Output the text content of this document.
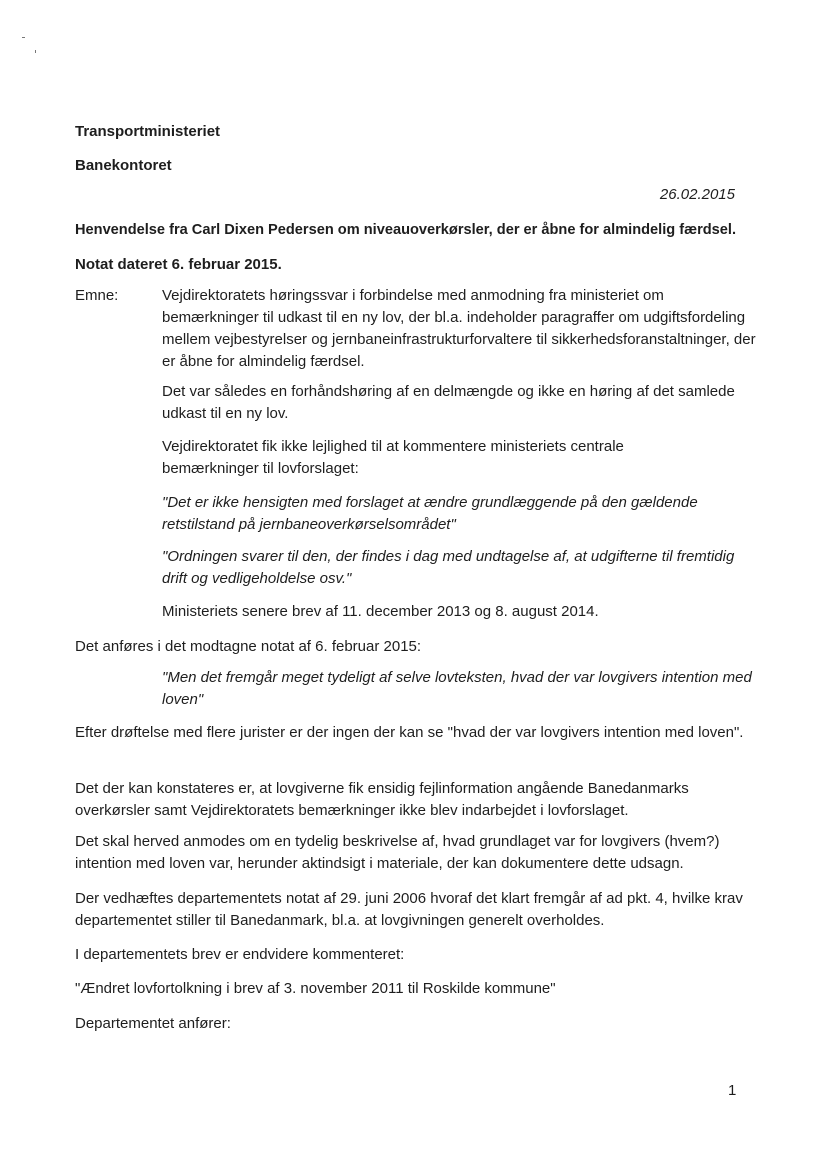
Transportministeriet

Banekontoret

26.02.2015

Henvendelse fra Carl Dixen Pedersen om niveauoverkørsler, der er åbne for almindelig færdsel.

Notat dateret 6. februar 2015.

Emne:	Vejdirektoratets høringssvar i forbindelse med anmodning fra ministeriet om bemærkninger til udkast til en ny lov, der bl.a. indeholder paragraffer om udgiftsfordeling mellem vejbestyrelser og jernbaneinfrastrukturforvaltere til sikkerhedsforanstaltninger, der er åbne for almindelig færdsel.

Det var således en forhåndshøring af en delmængde og ikke en høring af det samlede udkast til en ny lov.

Vejdirektoratet fik ikke lejlighed til at kommentere ministeriets centrale bemærkninger til lovforslaget:

"Det er ikke hensigten med forslaget at ændre grundlæggende på den gældende retstilstand på jernbaneoverkørselsområdet"

"Ordningen svarer til den, der findes i dag med undtagelse af, at udgifterne til fremtidig drift og vedligeholdelse osv."

Ministeriets senere brev af 11. december 2013 og 8. august 2014.

Det anføres i det modtagne notat af 6. februar 2015:

"Men det fremgår meget tydeligt af selve lovteksten, hvad der var lovgivers intention med loven"

Efter drøftelse med flere jurister er der ingen der kan se "hvad der var lovgivers intention med loven".

Det der kan konstateres er, at lovgiverne fik ensidig fejlinformation angående Banedanmarks overkørsler samt Vejdirektoratets bemærkninger ikke blev indarbejdet i lovforslaget.

Det skal herved anmodes om en tydelig beskrivelse af, hvad grundlaget var for lovgivers (hvem?) intention med loven var, herunder aktindsigt i materiale, der kan dokumentere dette udsagn.

Der vedhæftes departementets notat af 29. juni 2006 hvoraf det klart fremgår af ad pkt. 4, hvilke krav departementet stiller til Banedanmark, bl.a. at lovgivningen generelt overholdes.

I departementets brev er endvidere kommenteret:

"Ændret lovfortolkning i brev af 3. november 2011 til Roskilde kommune"

Departementet anfører:

1
